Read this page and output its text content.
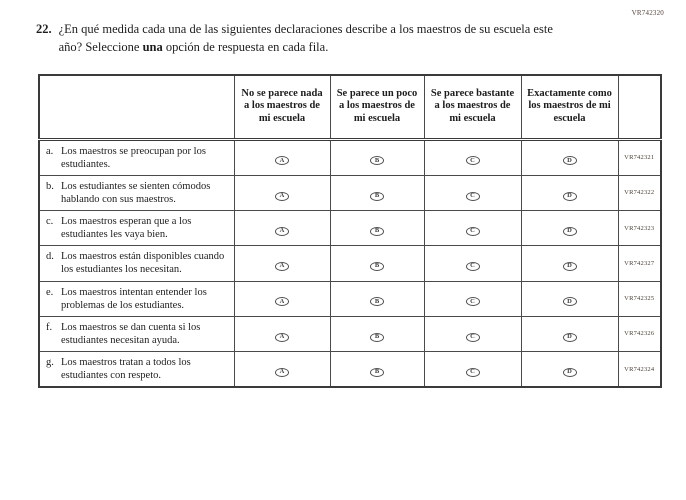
VR742320
22. ¿En qué medida cada una de las siguientes declaraciones describe a los maestros de su escuela este año? Seleccione una opción de respuesta en cada fila.
	No se parece nada a los maestros de mi escuela	Se parece un poco a los maestros de mi escuela	Se parece bastante a los maestros de mi escuela	Exactamente como los maestros de mi escuela	

a. Los maestros se preocupan por los estudiantes.	A	B	C	D	VR742321

b. Los estudiantes se sienten cómodos hablando con sus maestros.	A	B	C	D	VR742322

c. Los maestros esperan que a los estudiantes les vaya bien.	A	B	C	D	VR742323

d. Los maestros están disponibles cuando los estudiantes los necesitan.	A	B	C	D	VR742327

e. Los maestros intentan entender los problemas de los estudiantes.	A	B	C	D	VR742325

f. Los maestros se dan cuenta si los estudiantes necesitan ayuda.	A	B	C	D	VR742326

g. Los maestros tratan a todos los estudiantes con respeto.	A	B	C	D	VR742324
